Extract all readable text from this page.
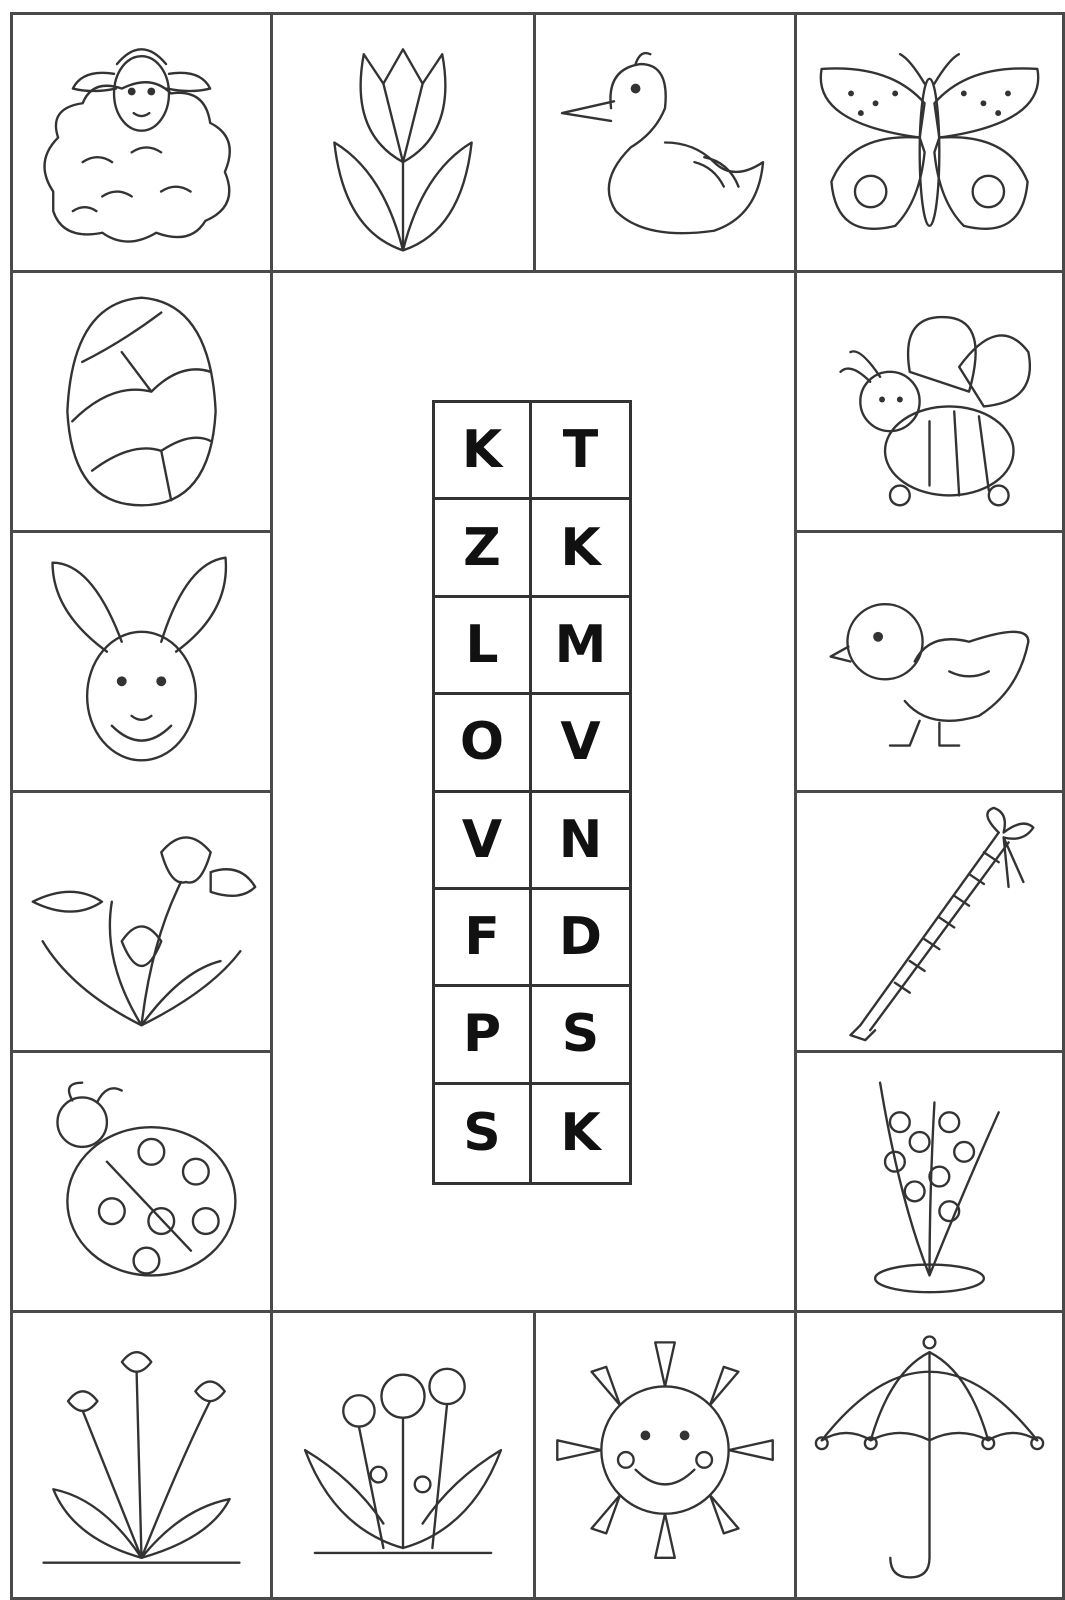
K	T
Z	K
L	M
O	V
V	N
F	D
P	S
S	K
